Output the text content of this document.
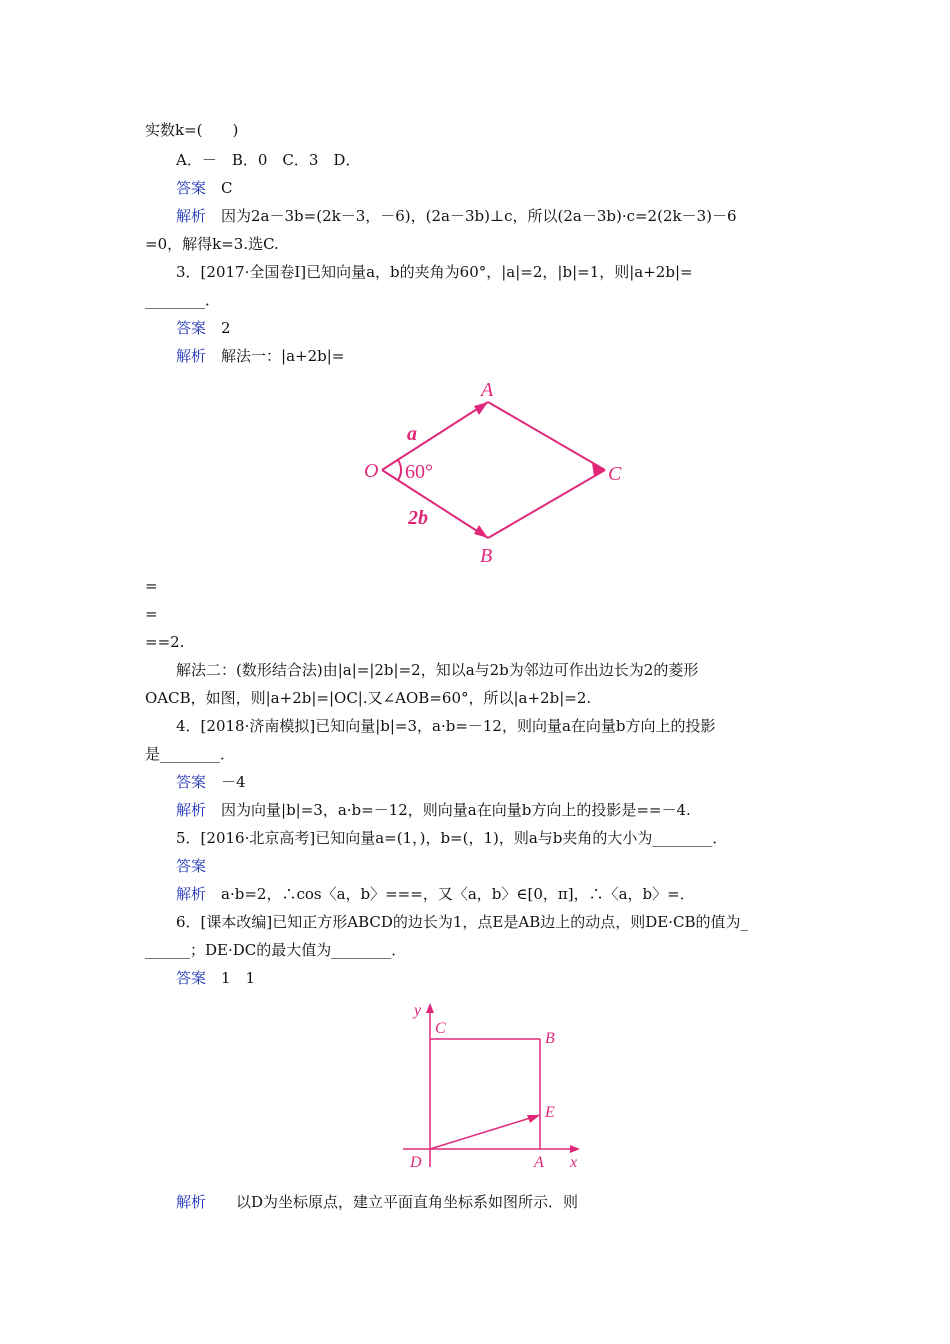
实数k=(　　)
A．－　B．0　C．3　D．
答案　C
解析　因为2a－3b=(2k－3，－6)，(2a－3b)⊥c，所以(2a－3b)·c=2(2k－3)－6
=0，解得k=3.选C.
3．[2017·全国卷Ⅰ]已知向量a，b的夹角为60°，|a|=2，|b|=1，则|a+2b|=
________．
答案　2
解析　解法一：|a+2b|=
O
A
B
C
a
2b
60°
=
=
==2.
解法二：(数形结合法)由|a|=|2b|=2，知以a与2b为邻边可作出边长为2的菱形
OACB，如图，则|a+2b|=|OC|.又∠AOB=60°，所以|a+2b|=2.
4．[2018·济南模拟]已知向量|b|=3，a·b=－12，则向量a在向量b方向上的投影
是________．
答案　－4
解析　因为向量|b|=3，a·b=－12，则向量a在向量b方向上的投影是==－4.
5．[2016·北京高考]已知向量a=(1，)，b=(，1)，则a与b夹角的大小为________．
答案
解析　a·b=2，∴cos〈a，b〉===，又〈a，b〉∈[0，π]，∴〈a，b〉=．
6．[课本改编]已知正方形ABCD的边长为1，点E是AB边上的动点，则DE·CB的值为_
______；DE·DC的最大值为________．
答案　1　1
y
x
C
B
E
D	A
解析　　以D为坐标原点，建立平面直角坐标系如图所示．则
